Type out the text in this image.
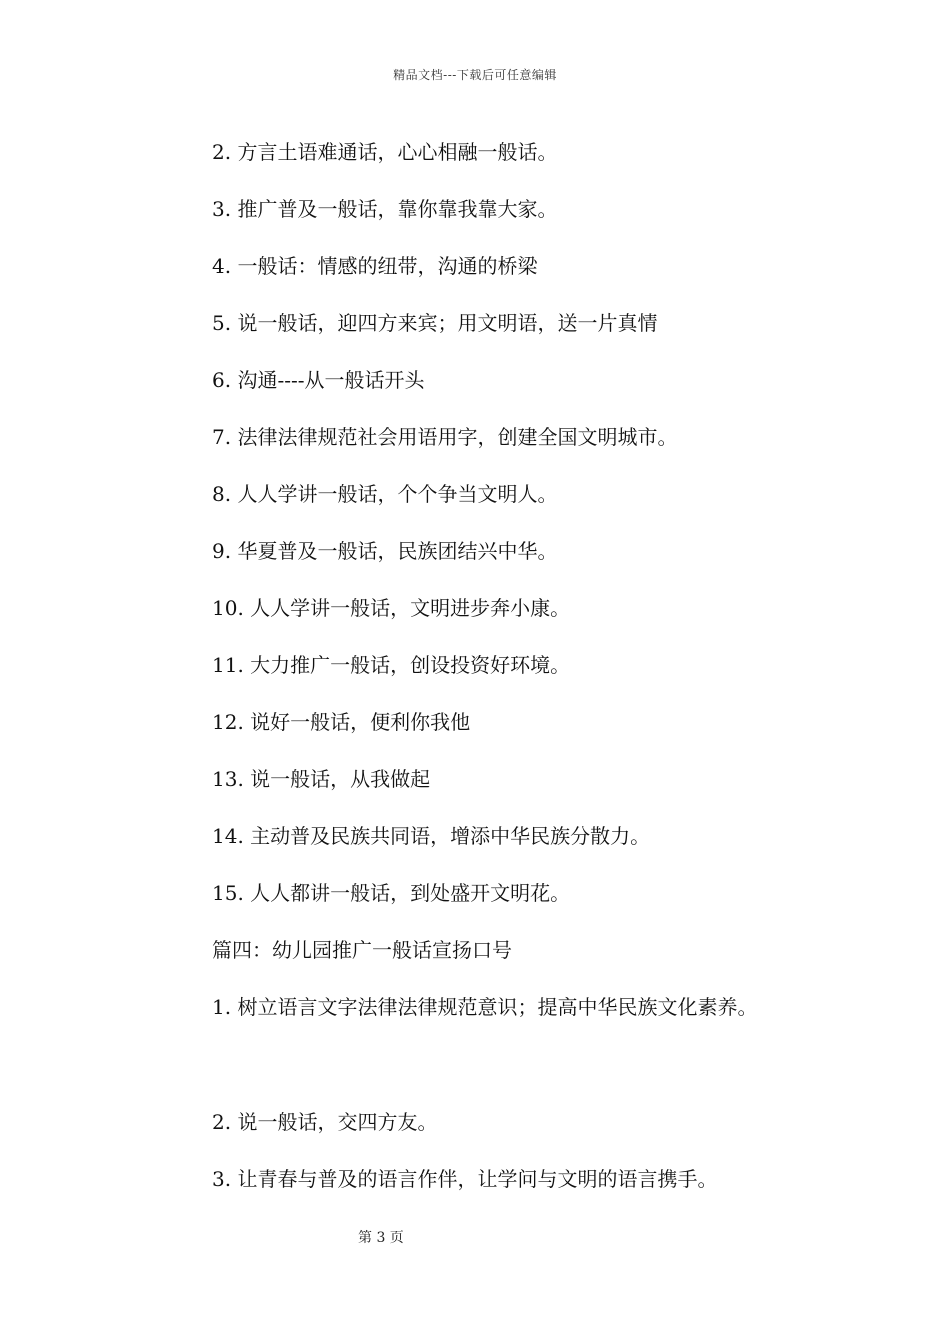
精品文档---下载后可任意编辑
2. 方言土语难通话，心心相融一般话。
3. 推广普及一般话，靠你靠我靠大家。
4. 一般话：情感的纽带，沟通的桥梁
5. 说一般话，迎四方来宾；用文明语，送一片真情
6. 沟通----从一般话开头
7. 法律法律规范社会用语用字，创建全国文明城市。
8. 人人学讲一般话，个个争当文明人。
9. 华夏普及一般话，民族团结兴中华。
10. 人人学讲一般话，文明进步奔小康。
11. 大力推广一般话，创设投资好环境。
12. 说好一般话，便利你我他
13. 说一般话，从我做起
14. 主动普及民族共同语，增添中华民族分散力。
15. 人人都讲一般话，到处盛开文明花。
篇四：幼儿园推广一般话宣扬口号
1. 树立语言文字法律法律规范意识；提高中华民族文化素养。
2. 说一般话，交四方友。
3. 让青春与普及的语言作伴，让学问与文明的语言携手。
第 3 页
